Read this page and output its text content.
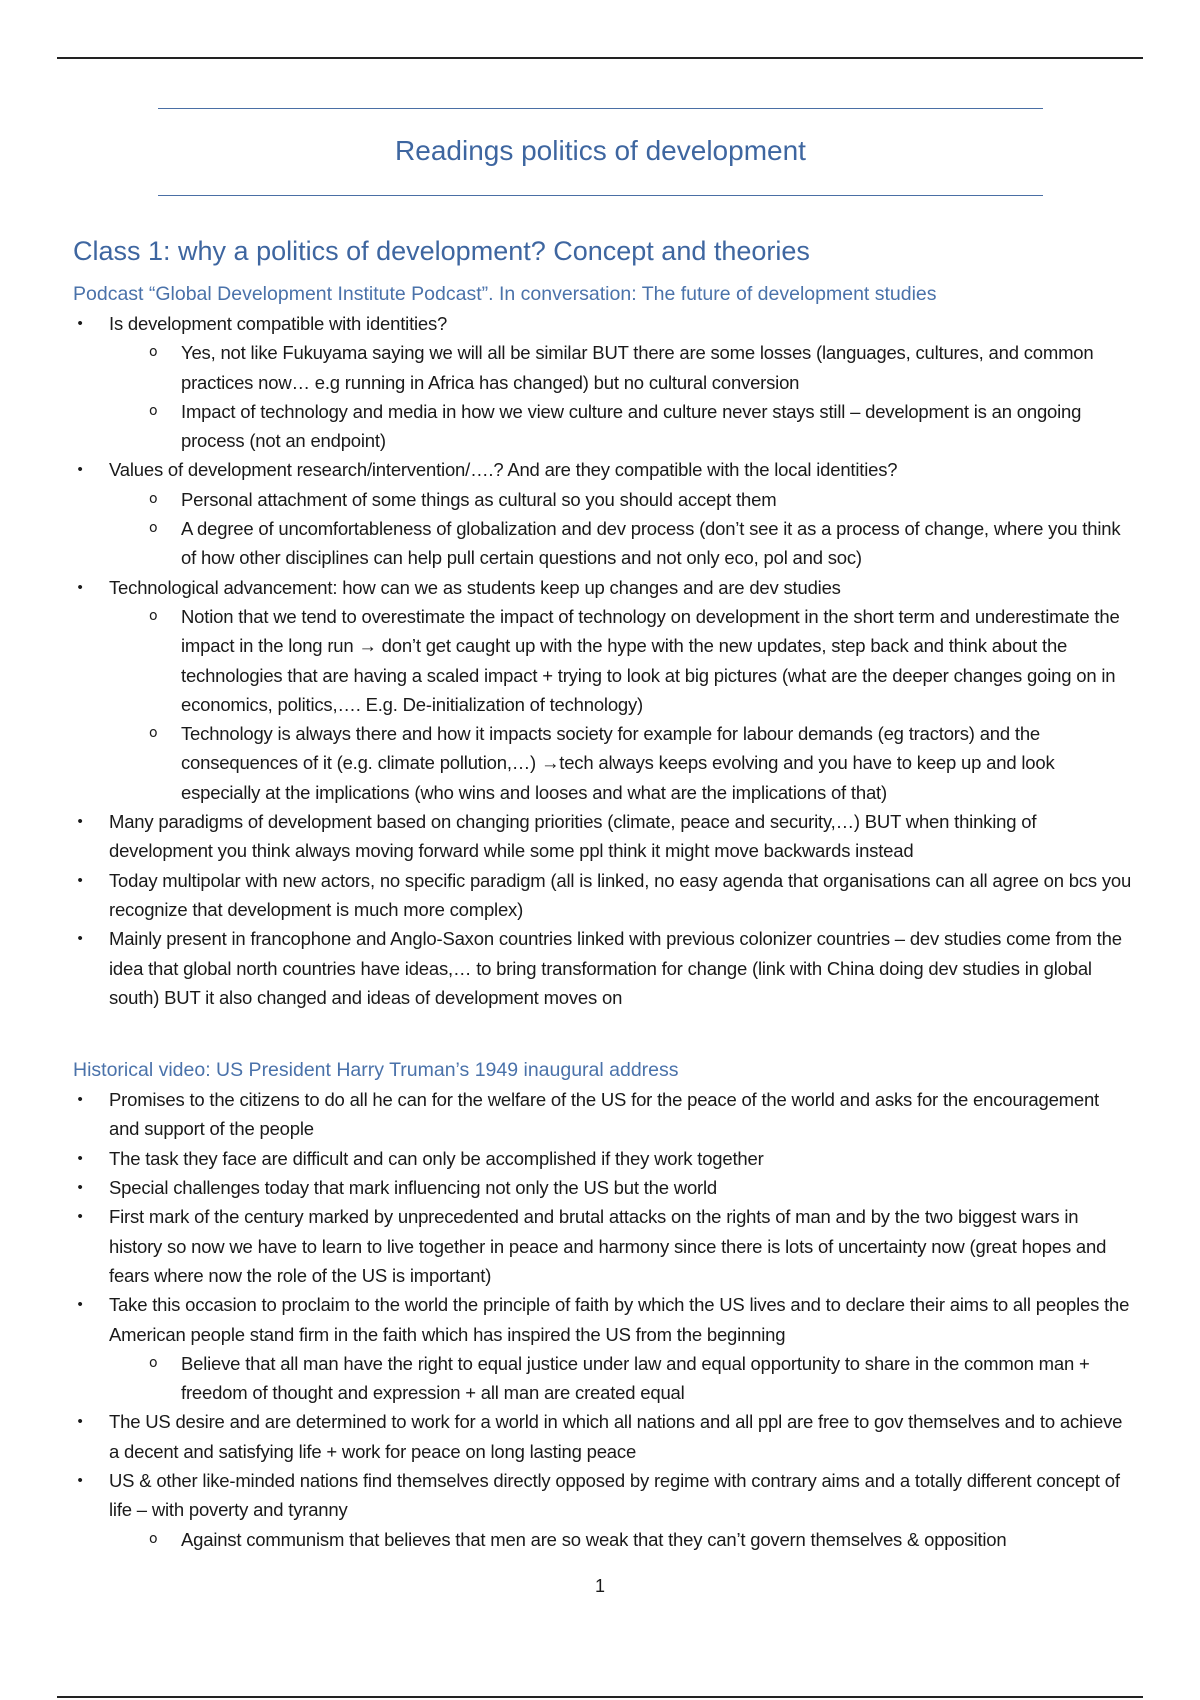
Readings politics of development
Class 1: why a politics of development? Concept and theories
Podcast “Global Development Institute Podcast”. In conversation: The future of development studies
• Is development compatible with identities?
o Yes, not like Fukuyama saying we will all be similar BUT there are some losses (languages, cultures, and common practices now… e.g running in Africa has changed) but no cultural conversion
o Impact of technology and media in how we view culture and culture never stays still – development is an ongoing process (not an endpoint)
• Values of development research/intervention/….? And are they compatible with the local identities?
o Personal attachment of some things as cultural so you should accept them
o A degree of uncomfortableness of globalization and dev process (don’t see it as a process of change, where you think of how other disciplines can help pull certain questions and not only eco, pol and soc)
• Technological advancement: how can we as students keep up changes and are dev studies
o Notion that we tend to overestimate the impact of technology on development in the short term and underestimate the impact in the long run → don’t get caught up with the hype with the new updates, step back and think about the technologies that are having a scaled impact + trying to look at big pictures (what are the deeper changes going on in economics, politics,…. E.g. De-initialization of technology)
o Technology is always there and how it impacts society for example for labour demands (eg tractors) and the consequences of it (e.g. climate pollution,…) →tech always keeps evolving and you have to keep up and look especially at the implications (who wins and looses and what are the implications of that)
• Many paradigms of development based on changing priorities (climate, peace and security,…) BUT when thinking of development you think always moving forward while some ppl think it might move backwards instead
• Today multipolar with new actors, no specific paradigm (all is linked, no easy agenda that organisations can all agree on bcs you recognize that development is much more complex)
• Mainly present in francophone and Anglo-Saxon countries linked with previous colonizer countries – dev studies come from the idea that global north countries have ideas,… to bring transformation for change (link with China doing dev studies in global south) BUT it also changed and ideas of development moves on
Historical video: US President Harry Truman’s 1949 inaugural address
• Promises to the citizens to do all he can for the welfare of the US for the peace of the world and asks for the encouragement and support of the people
• The task they face are difficult and can only be accomplished if they work together
• Special challenges today that mark influencing not only the US but the world
• First mark of the century marked by unprecedented and brutal attacks on the rights of man and by the two biggest wars in history so now we have to learn to live together in peace and harmony since there is lots of uncertainty now (great hopes and fears where now the role of the US is important)
• Take this occasion to proclaim to the world the principle of faith by which the US lives and to declare their aims to all peoples the American people stand firm in the faith which has inspired the US from the beginning
o Believe that all man have the right to equal justice under law and equal opportunity to share in the common man + freedom of thought and expression + all man are created equal
• The US desire and are determined to work for a world in which all nations and all ppl are free to gov themselves and to achieve a decent and satisfying life + work for peace on long lasting peace
• US & other like-minded nations find themselves directly opposed by regime with contrary aims and a totally different concept of life – with poverty and tyranny
o Against communism that believes that men are so weak that they can’t govern themselves & opposition
1
